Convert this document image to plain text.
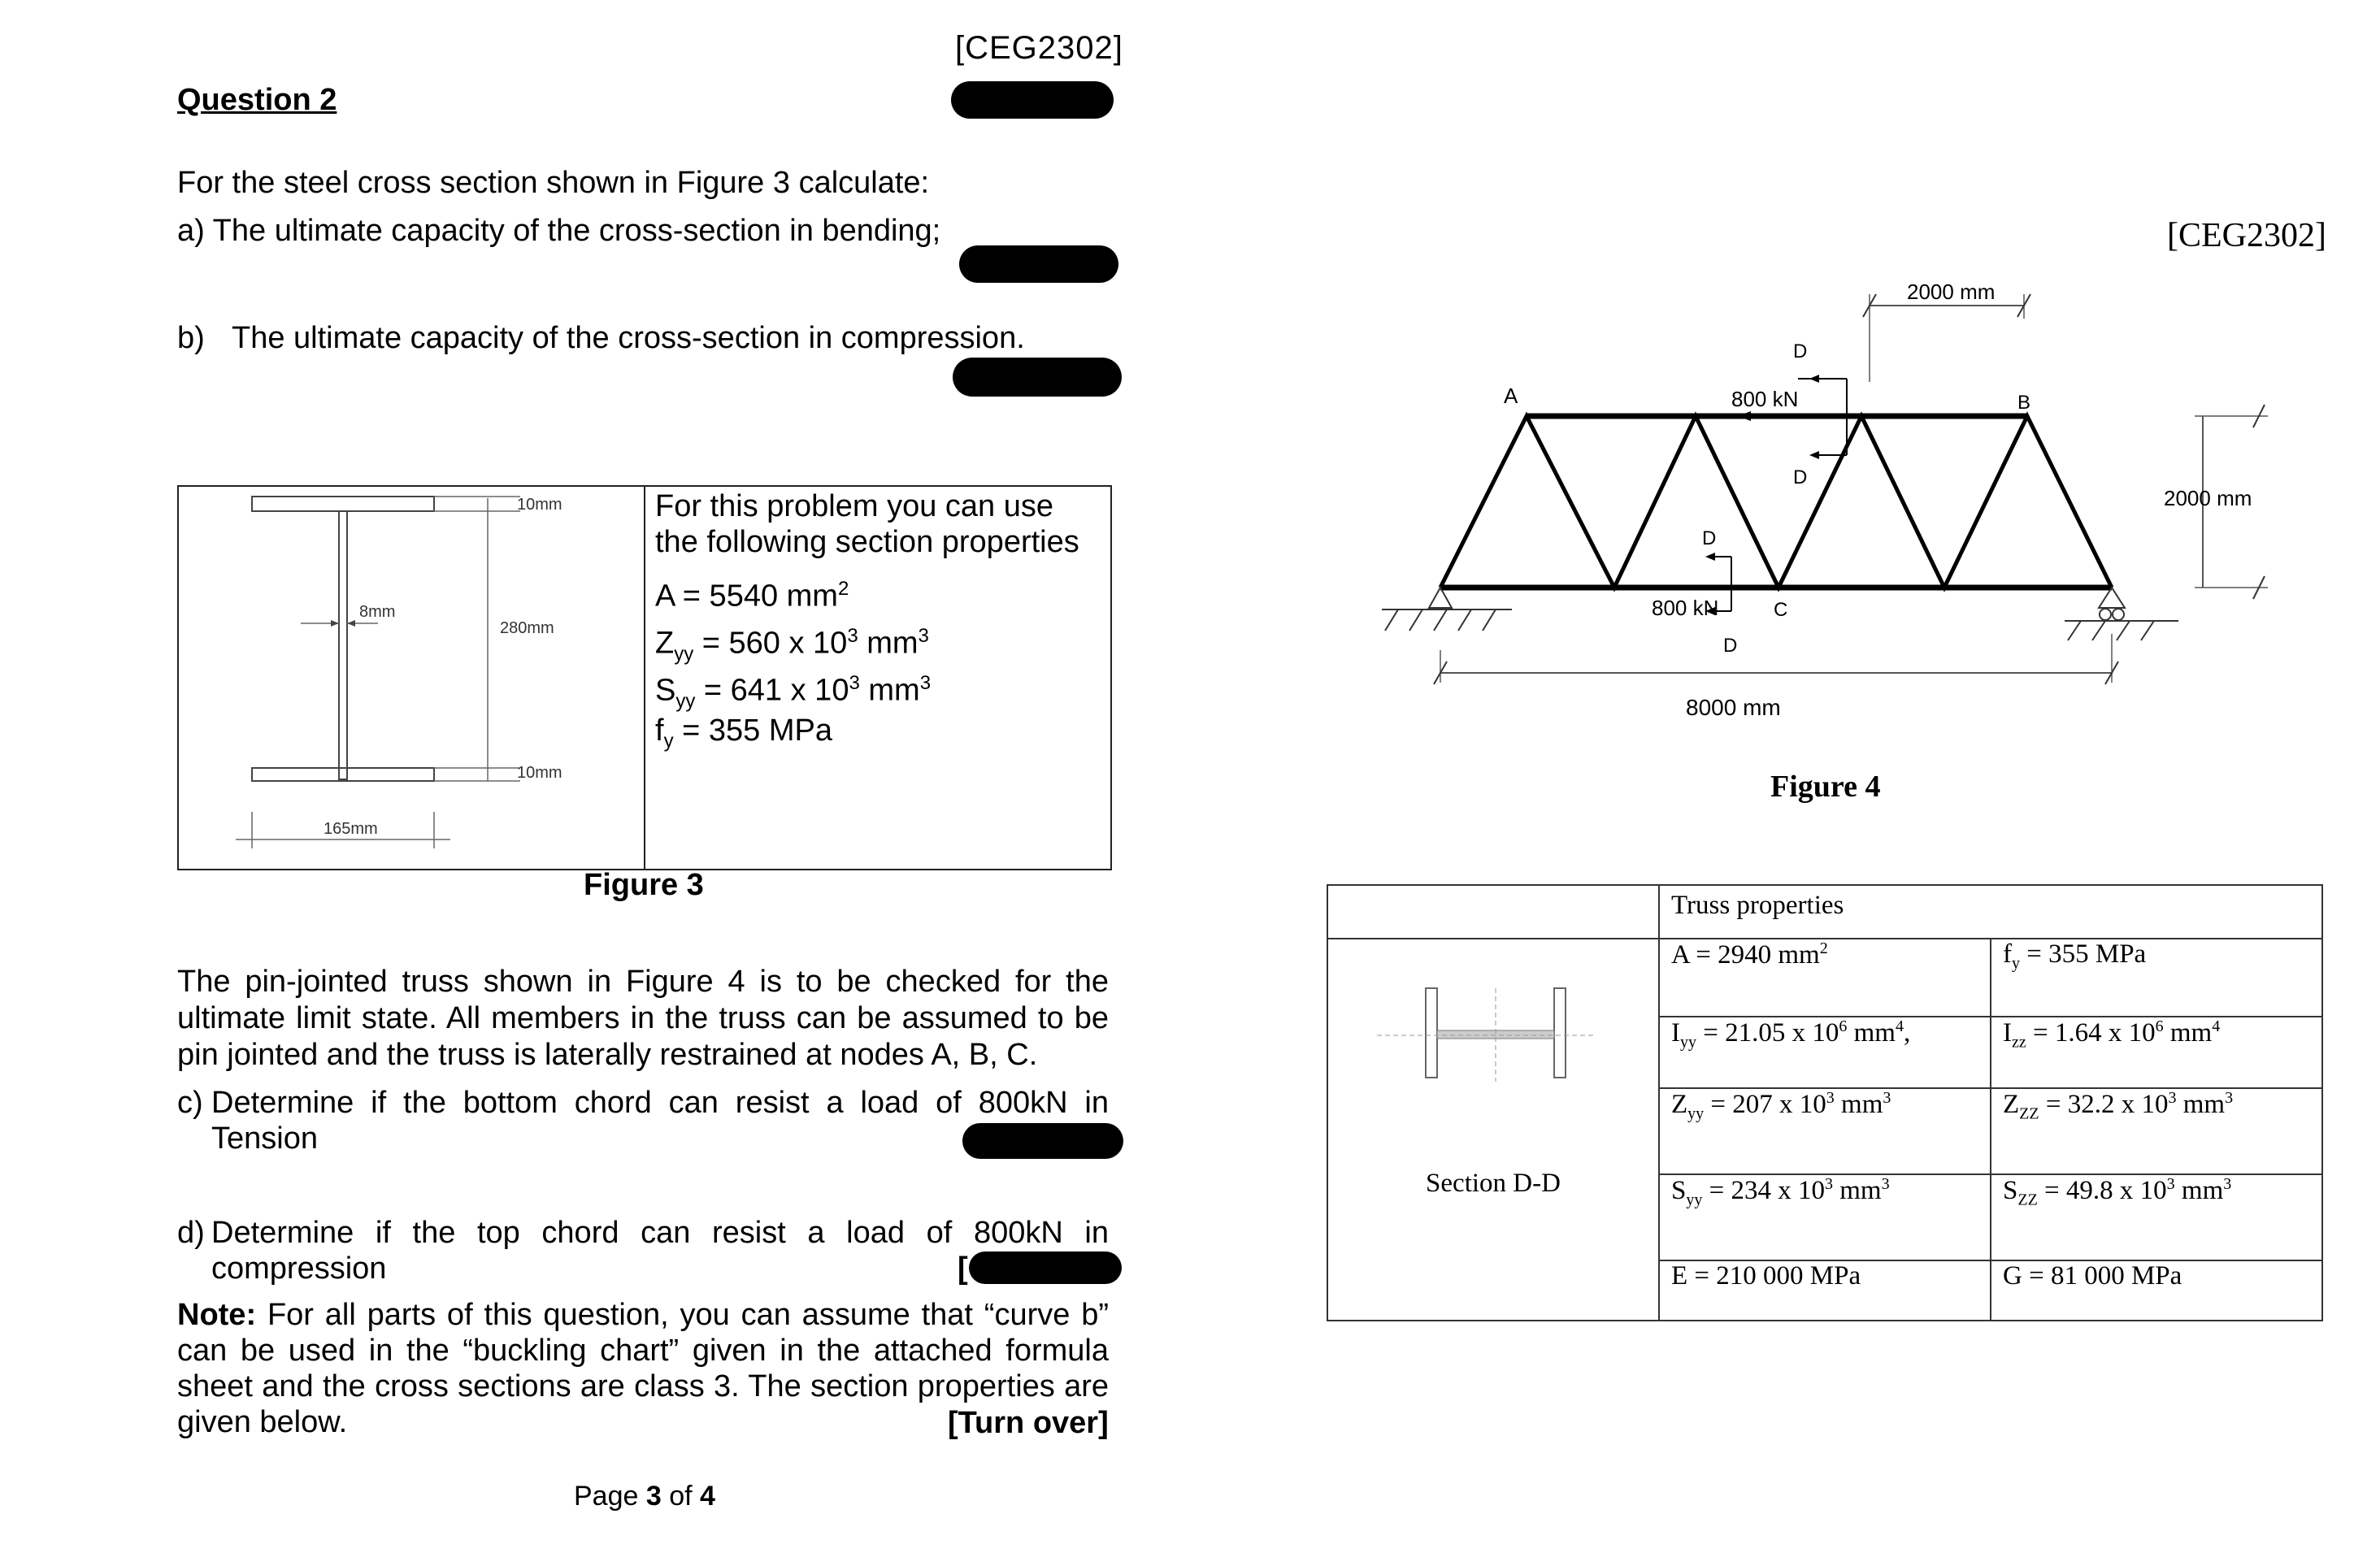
[CEG2302]
Question 2
For the steel cross section shown in Figure 3 calculate:
a) The ultimate capacity of the cross-section in bending;
b) The ultimate capacity of the cross-section in compression.
10mm
280mm
10mm
8mm
165mm
For this problem you can use
the following section properties
A = 5540 $mm^2$
$Z_{yy} = 560$ x $10^3$ $mm^3$
$S_{yy} = 641$ x $10^3$ $mm^3$
$f_y = 355$ MPa
Figure 3
The pin-jointed truss shown in Figure 4 is to be checked for the ultimate limit state. All members in the truss can be assumed to be pin jointed and the truss is laterally restrained at nodes A, B, C.
c) Determine if the bottom chord can resist a load of 800kN in
Tension
d) Determine if the top chord can resist a load of 800kN in
compression	[
Note: For all parts of this question, you can assume that “curve b” can be used in the “buckling chart” given in the attached formula sheet and the cross sections are class 3. The section properties are given below.	[Turn over]
Page 3 of 4
[CEG2302]
A	B
C
D
D
800 kN
D
D
800 kN
2000 mm
2000 mm
8000 mm
Figure 4
	Truss properties	

Section D-D	A = 2940 $mm^2$	$f_y = 355$ MPa
	$I_{yy} = 21.05$ x $10^6$ $mm^4$,	$I_{zz} = 1.64$ x $10^6$ $mm^4$
	$Z_{yy} = 207$ x $10^3$ $mm^3$	$Z_{ZZ} = 32.2$ x $10^3$ $mm^3$
	$S_{yy} = 234$ x $10^3$ $mm^3$	$S_{ZZ} = 49.8$ x $10^3$ $mm^3$
	E = 210 000 MPa	G = 81 000 MPa
